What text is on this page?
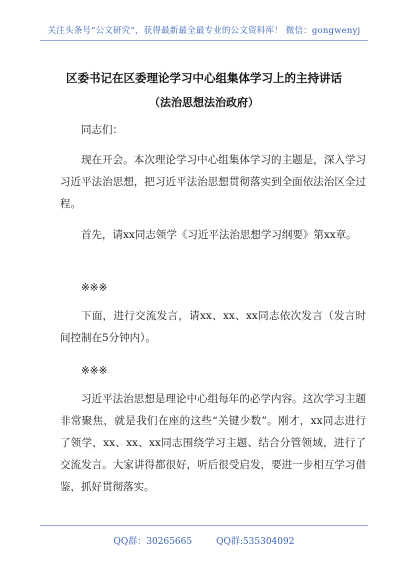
关注头条号“公文研究”，获得最新最全最专业的公文资料库！ 微信：gongwenyj
区委书记在区委理论学习中心组集体学习上的主持讲话
（法治思想法治政府）
同志们：
现在开会。本次理论学习中心组集体学习的主题是，深入学习习近平法治思想，把习近平法治思想贯彻落实到全面依法治区全过程。
首先，请xx同志领学《习近平法治思想学习纲要》第xx章。
※※※
下面，进行交流发言，请xx、xx、xx同志依次发言（发言时间控制在5分钟内）。
※※※
习近平法治思想是理论中心组每年的必学内容。这次学习主题非常聚焦，就是我们在座的这些“关键少数”。刚才，xx同志进行了领学，xx、xx、xx同志围绕学习主题、结合分管领域，进行了交流发言。大家讲得都很好，听后很受启发，要进一步相互学习借鉴，抓好贯彻落实。
QQ群：30265665	QQ群:535304092
